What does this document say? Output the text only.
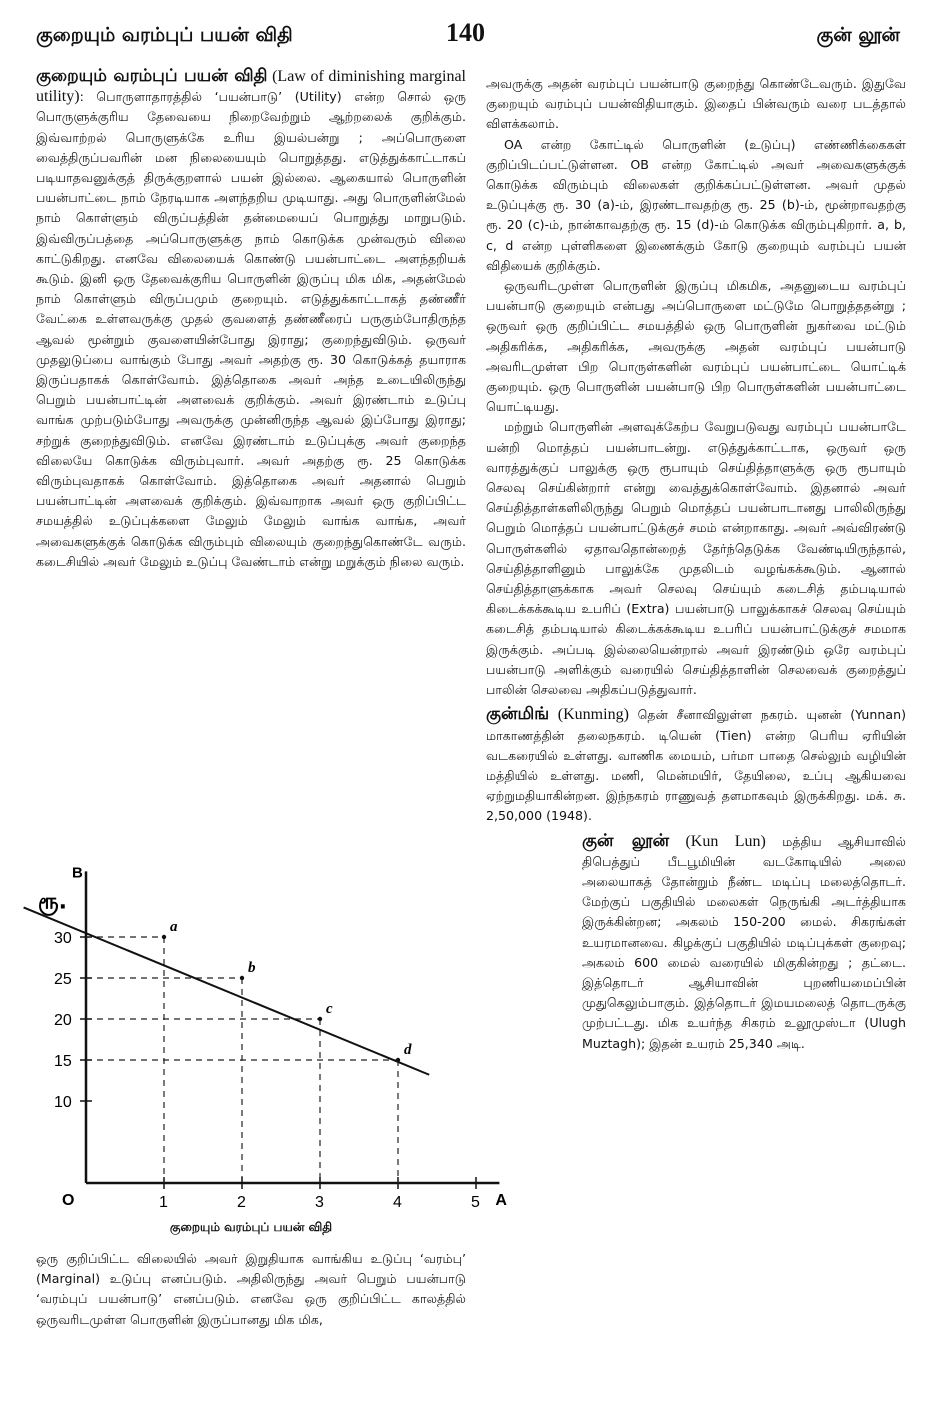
குறையும் வரம்புப் பயன் விதி	140	குன் லூன்

குறையும் வரம்புப் பயன் விதி (Law of diminishing marginal utility): பொருளாதாரத்தில் ‘பயன்பாடு’ (Utility) என்ற சொல் ஒரு பொருளுக்குரிய தேவையை நிறைவேற்றும் ஆற்றலைக் குறிக்கும். இவ்வாற்றல் பொருளுக்கே உரிய இயல்பன்று ; அப்பொருளை வைத்திருப்பவரின் மன நிலையையும் பொறுத்தது. எடுத்துக்காட்டாகப் படியாதவனுக்குத் திருக்குறளால் பயன் இல்லை. ஆகையால் பொருளின் பயன்பாட்டை நாம் நேரடியாக அளந்தறிய முடியாது. அது பொருளின்மேல் நாம் கொள்ளும் விருப்பத்தின் தன்மையைப் பொறுத்து மாறுபடும். இவ்விருப்பத்தை அப்பொருளுக்கு நாம் கொடுக்க முன்வரும் விலை காட்டுகிறது. எனவே விலையைக் கொண்டு பயன்பாட்டை அளந்தறியக் கூடும். இனி ஒரு தேவைக்குரிய பொருளின் இருப்பு மிக மிக, அதன்மேல் நாம் கொள்ளும் விருப்பமும் குறையும். எடுத்துக்காட்டாகத் தண்ணீர் வேட்கை உள்ளவருக்கு முதல் குவளைத் தண்ணீரைப் பருகும்போதிருந்த ஆவல் மூன்றும் குவளையின்போது இராது; குறைந்துவிடும். ஒருவர் முதலுடுப்பை வாங்கும் போது அவர் அதற்கு ரூ. 30 கொடுக்கத் தயாராக இருப்பதாகக் கொள்வோம். இத்தொகை அவர் அந்த உடையிலிருந்து பெறும் பயன்பாட்டின் அளவைக் குறிக்கும். அவர் இரண்டாம் உடுப்பு வாங்க முற்படும்போது அவருக்கு முன்னிருந்த ஆவல் இப்போது இராது; சற்றுக் குறைந்துவிடும். எனவே இரண்டாம் உடுப்புக்கு அவர் குறைந்த விலையே கொடுக்க விரும்புவார். அவர் அதற்கு ரூ. 25 கொடுக்க விரும்புவதாகக் கொள்வோம். இத்தொகை அவர் அதனால் பெறும் பயன்பாட்டின் அளவைக் குறிக்கும். இவ்வாறாக அவர் ஒரு குறிப்பிட்ட சமயத்தில் உடுப்புக்களை மேலும் மேலும் வாங்க வாங்க, அவர் அவைகளுக்குக் கொடுக்க விரும்பும் விலையும் குறைந்துகொண்டே வரும். கடைசியில் அவர் மேலும் உடுப்பு வேண்டாம் என்று மறுக்கும் நிலை வரும்.

B
A
O
ரூ.
1	2	3	4	5
10
15
20
25
30
a
b
c
d
குறையும் வரம்புப் பயன் விதி

ஒரு குறிப்பிட்ட விலையில் அவர் இறுதியாக வாங்கிய உடுப்பு ‘வரம்பு’ (Marginal) உடுப்பு எனப்படும். அதிலிருந்து அவர் பெறும் பயன்பாடு ‘வரம்புப் பயன்பாடு’ எனப்படும். எனவே ஒரு குறிப்பிட்ட காலத்தில் ஒருவரிடமுள்ள பொருளின் இருப்பானது மிக மிக,

அவருக்கு அதன் வரம்புப் பயன்பாடு குறைந்து கொண்டேவரும். இதுவே குறையும் வரம்புப் பயன்விதியாகும். இதைப் பின்வரும் வரை படத்தால் விளக்கலாம்.

OA என்ற கோட்டில் பொருளின் (உடுப்பு) எண்ணிக்கைகள் குறிப்பிடப்பட்டுள்ளன. OB என்ற கோட்டில் அவர் அவைகளுக்குக் கொடுக்க விரும்பும் விலைகள் குறிக்கப்பட்டுள்ளன. அவர் முதல் உடுப்புக்கு ரூ. 30 (a)-ம், இரண்டாவதற்கு ரூ. 25 (b)-ம், மூன்றாவதற்கு ரூ. 20 (c)-ம், நான்காவதற்கு ரூ. 15 (d)-ம் கொடுக்க விரும்புகிறார். a, b, c, d என்ற புள்ளிகளை இணைக்கும் கோடு குறையும் வரம்புப் பயன் விதியைக் குறிக்கும்.

ஒருவரிடமுள்ள பொருளின் இருப்பு மிகமிக, அதனுடைய வரம்புப் பயன்பாடு குறையும் என்பது அப்பொருளை மட்டுமே பொறுத்ததன்று ; ஒருவர் ஒரு குறிப்பிட்ட சமயத்தில் ஒரு பொருளின் நுகர்வை மட்டும் அதிகரிக்க, அதிகரிக்க, அவருக்கு அதன் வரம்புப் பயன்பாடு அவரிடமுள்ள பிற பொருள்களின் வரம்புப் பயன்பாட்டை யொட்டிக் குறையும். ஒரு பொருளின் பயன்பாடு பிற பொருள்களின் பயன்பாட்டை யொட்டியது.

மற்றும் பொருளின் அளவுக்கேற்ப வேறுபடுவது வரம்புப் பயன்பாடே யன்றி மொத்தப் பயன்பாடன்று. எடுத்துக்காட்டாக, ஒருவர் ஒரு வாரத்துக்குப் பாலுக்கு ஒரு ரூபாயும் செய்தித்தாளுக்கு ஒரு ரூபாயும் செலவு செய்கின்றார் என்று வைத்துக்கொள்வோம். இதனால் அவர் செய்தித்தாள்களிலிருந்து பெறும் மொத்தப் பயன்பாடானது பாலிலிருந்து பெறும் மொத்தப் பயன்பாட்டுக்குச் சமம் என்றாகாது. அவர் அவ்விரண்டு பொருள்களில் ஏதாவதொன்றைத் தேர்ந்தெடுக்க வேண்டியிருந்தால், செய்தித்தாளினும் பாலுக்கே முதலிடம் வழங்கக்கூடும். ஆனால் செய்தித்தாளுக்காக அவர் செலவு செய்யும் கடைசித் தம்படியால் கிடைக்கக்கூடிய உபரிப் (Extra) பயன்பாடு பாலுக்காகச் செலவு செய்யும் கடைசித் தம்படியால் கிடைக்கக்கூடிய உபரிப் பயன்பாட்டுக்குச் சமமாக இருக்கும். அப்படி இல்லையென்றால் அவர் இரண்டும் ஒரே வரம்புப் பயன்பாடு அளிக்கும் வரையில் செய்தித்தாளின் செலவைக் குறைத்துப் பாலின் செலவை அதிகப்படுத்துவார்.

குன்மிங் (Kunming) தென் சீனாவிலுள்ள நகரம். யுனன் (Yunnan) மாகாணத்தின் தலைநகரம். டியென் (Tien) என்ற பெரிய ஏரியின் வடகரையில் உள்ளது. வாணிக மையம், பர்மா பாதை செல்லும் வழியின் மத்தியில் உள்ளது. மணி, மென்மயிர், தேயிலை, உப்பு ஆகியவை ஏற்றுமதியாகின்றன. இந்நகரம் ராணுவத் தளமாகவும் இருக்கிறது. மக். சு. 2,50,000 (1948).

குன் லூன் (Kun Lun) மத்திய ஆசியாவில் திபெத்துப் பீடபூமியின் வடகோடியில் அலை அலையாகத் தோன்றும் நீண்ட மடிப்பு மலைத்தொடர். மேற்குப் பகுதியில் மலைகள் நெருங்கி அடர்த்தியாக இருக்கின்றன; அகலம் 150-200 மைல். சிகரங்கள் உயரமானவை. கிழக்குப் பகுதியில் மடிப்புக்கள் குறைவு; அகலம் 600 மைல் வரையில் மிகுகின்றது ; தட்டை. இத்தொடர் ஆசியாவின் புறணியமைப்பின் முதுகெலும்பாகும். இத்தொடர் இமயமலைத் தொடருக்கு முற்பட்டது. மிக உயர்ந்த சிகரம் உலூமுஸ்டா (Ulugh Muztagh); இதன் உயரம் 25,340 அடி.
